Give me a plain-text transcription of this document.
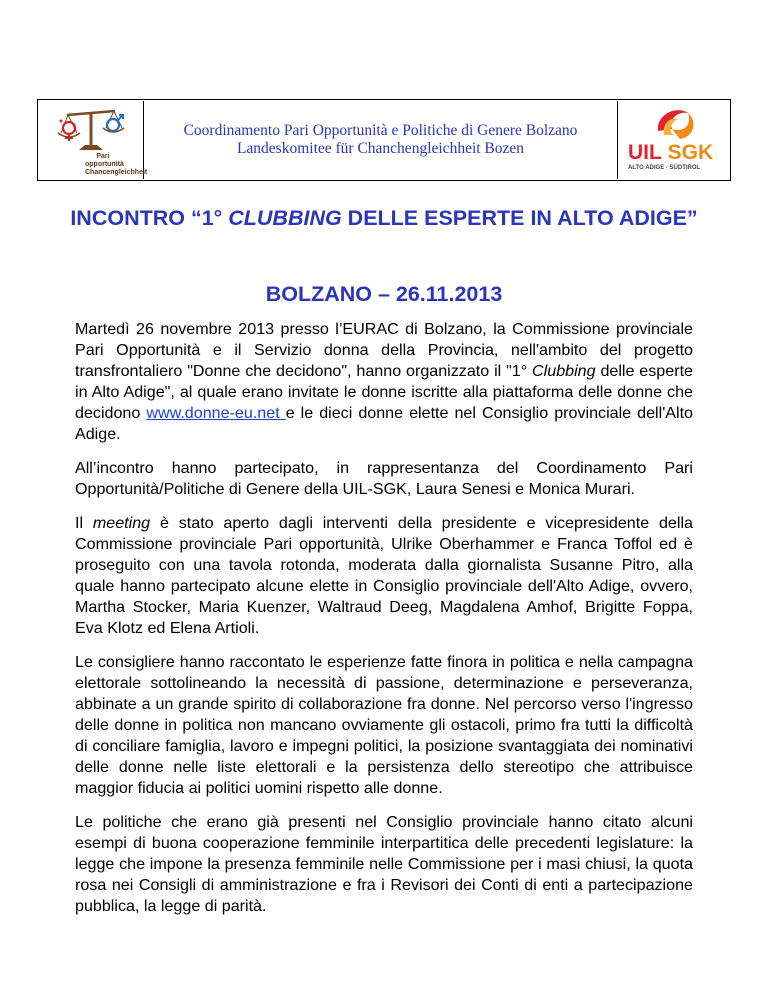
Pari opportunità
Chancengleichheit
Coordinamento Pari Opportunità e Politiche di Genere Bolzano
Landeskomitee für Chanchengleichheit Bozen	UIL SGK
ALTO ADIGE · SÜDTIROL
INCONTRO “1° CLUBBING DELLE ESPERTE IN ALTO ADIGE”
BOLZANO – 26.11.2013

Martedì 26 novembre 2013 presso l’EURAC di Bolzano, la Commissione provinciale Pari Opportunità e il Servizio donna della Provincia, nell'ambito del progetto transfrontaliero "Donne che decidono", hanno organizzato il "1° Clubbing delle esperte in Alto Adige", al quale erano invitate le donne iscritte alla piattaforma delle donne che decidono www.donne-eu.net e le dieci donne elette nel Consiglio provinciale dell'Alto Adige.

All’incontro hanno partecipato, in rappresentanza del Coordinamento Pari Opportunità/Politiche di Genere della UIL-SGK, Laura Senesi e Monica Murari.

Il meeting è stato aperto dagli interventi della presidente e vicepresidente della Commissione provinciale Pari opportunità, Ulrike Oberhammer e Franca Toffol ed è proseguito con una tavola rotonda, moderata dalla giornalista Susanne Pitro, alla quale hanno partecipato alcune elette in Consiglio provinciale dell'Alto Adige, ovvero, Martha Stocker, Maria Kuenzer, Waltraud Deeg, Magdalena Amhof, Brigitte Foppa, Eva Klotz ed Elena Artioli.

Le consigliere hanno raccontato le esperienze fatte finora in politica e nella campagna elettorale sottolineando la necessità di passione, determinazione e perseveranza, abbinate a un grande spirito di collaborazione fra donne. Nel percorso verso l'ingresso delle donne in politica non mancano ovviamente gli ostacoli, primo fra tutti la difficoltà di conciliare famiglia, lavoro e impegni politici, la posizione svantaggiata dei nominativi delle donne nelle liste elettorali e la persistenza dello stereotipo che attribuisce maggior fiducia ai politici uomini rispetto alle donne.

Le politiche che erano già presenti nel Consiglio provinciale hanno citato alcuni esempi di buona cooperazione femminile interpartitica delle precedenti legislature: la legge che impone la presenza femminile nelle Commissione per i masi chiusi, la quota rosa nei Consigli di amministrazione e fra i Revisori dei Conti di enti a partecipazione pubblica, la legge di parità.
